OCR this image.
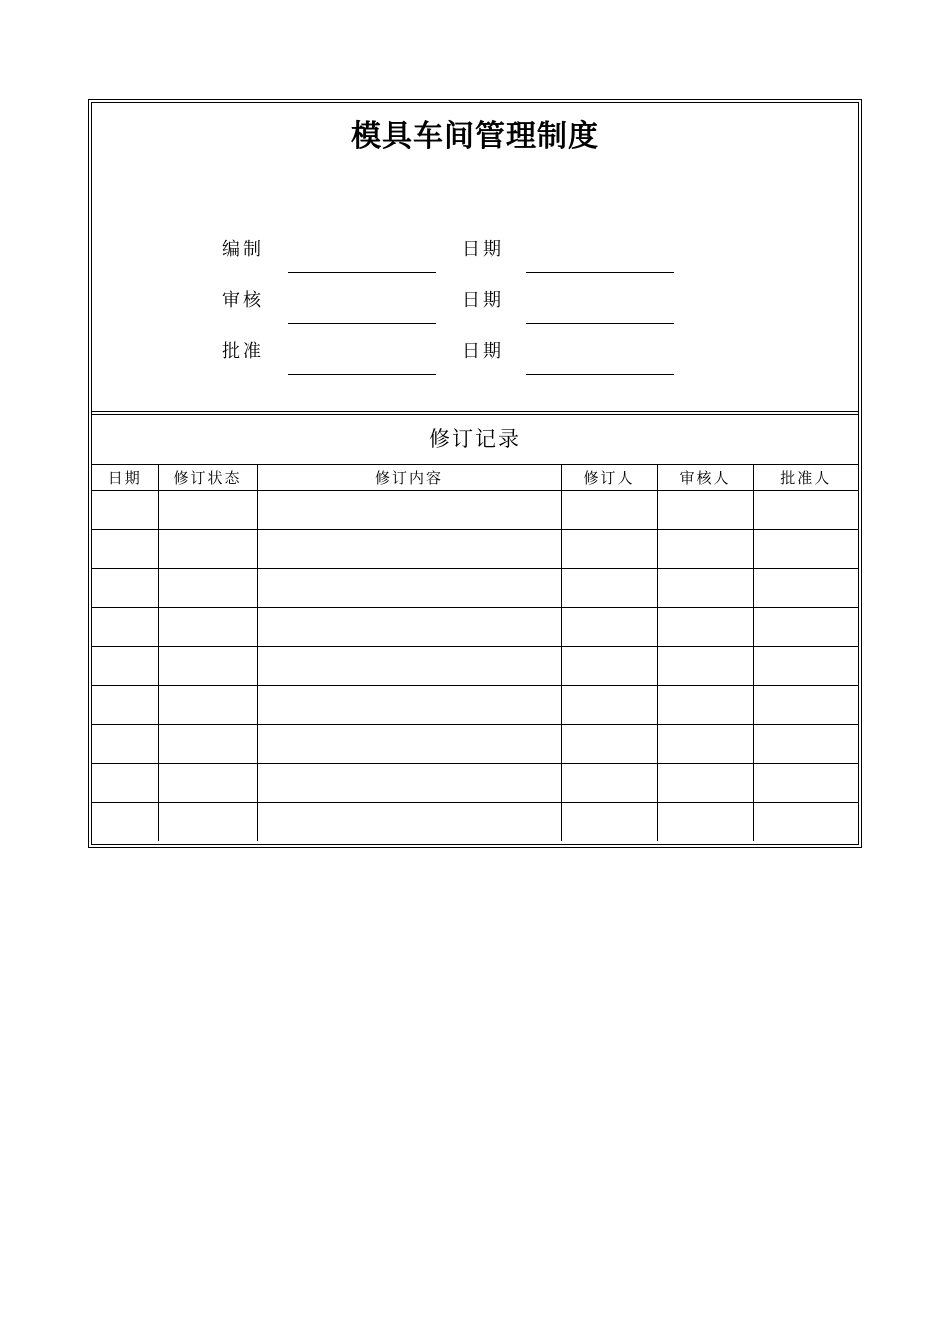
模具车间管理制度
编制	日期
审核	日期
批准	日期
修订记录
日期	修订状态	修订内容	修订人	审核人	批准人
